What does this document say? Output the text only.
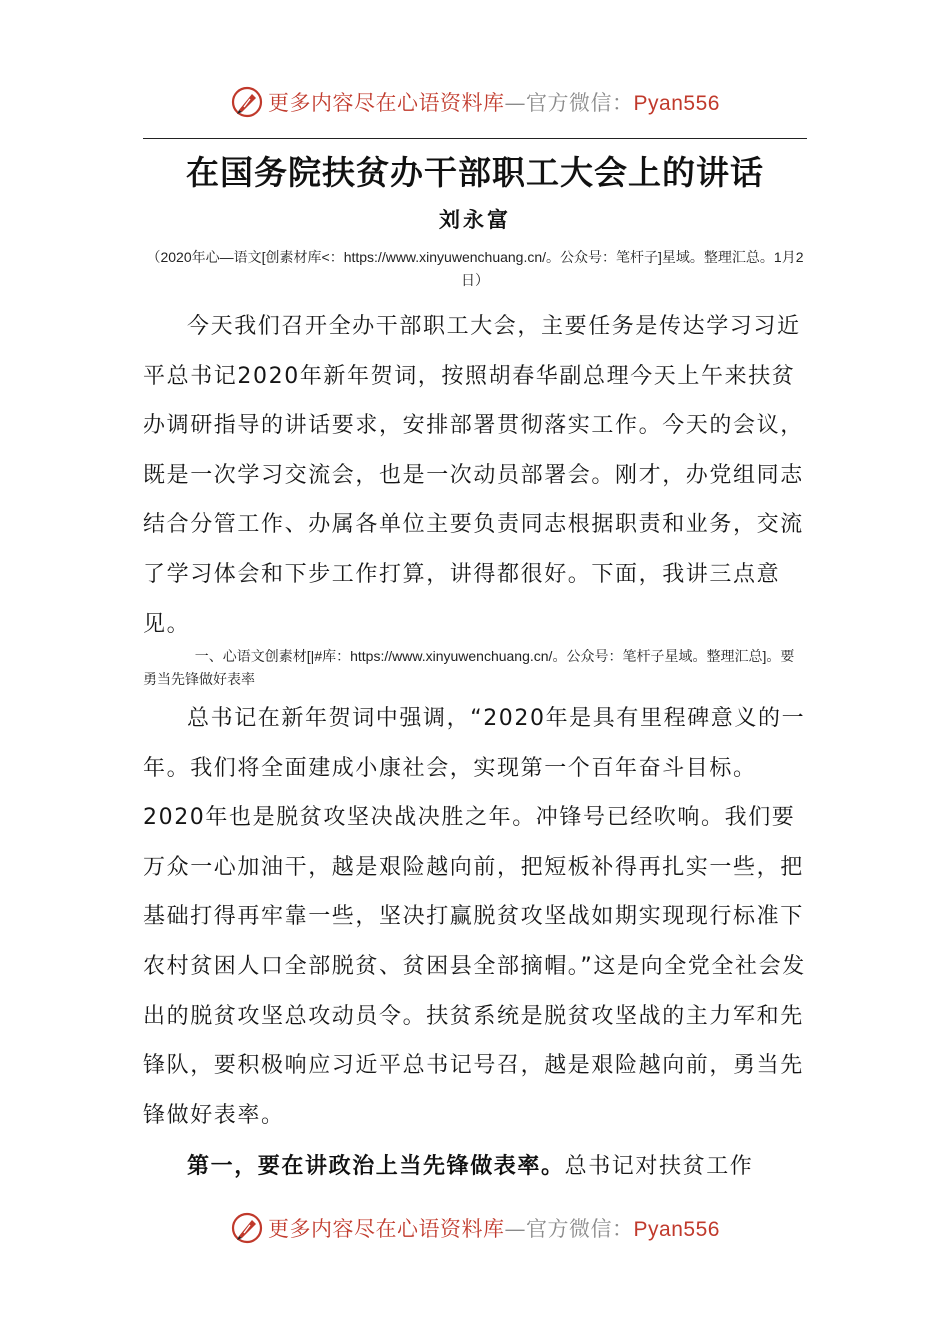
更多内容尽在心语资料库—官方微信：Pyan556
在国务院扶贫办干部职工大会上的讲话
刘永富
（2020年心—语文[创素材库<：https://www.xinyuwenchuang.cn/。公众号：笔杆子]星域。整理汇总。1月2日）

今天我们召开全办干部职工大会，主要任务是传达学习习近平总书记2020年新年贺词，按照胡春华副总理今天上午来扶贫办调研指导的讲话要求，安排部署贯彻落实工作。今天的会议，既是一次学习交流会，也是一次动员部署会。刚才，办党组同志结合分管工作、办属各单位主要负责同志根据职责和业务，交流了学习体会和下步工作打算，讲得都很好。下面，我讲三点意见。

一、心语文创素材[|#库：https://www.xinyuwenchuang.cn/。公众号：笔杆子星域。整理汇总]。要勇当先锋做好表率

总书记在新年贺词中强调，“2020年是具有里程碑意义的一年。我们将全面建成小康社会，实现第一个百年奋斗目标。2020年也是脱贫攻坚决战决胜之年。冲锋号已经吹响。我们要万众一心加油干，越是艰险越向前，把短板补得再扎实一些，把基础打得再牢靠一些，坚决打赢脱贫攻坚战如期实现现行标准下农村贫困人口全部脱贫、贫困县全部摘帽。”这是向全党全社会发出的脱贫攻坚总攻动员令。扶贫系统是脱贫攻坚战的主力军和先锋队，要积极响应习近平总书记号召，越是艰险越向前，勇当先锋做好表率。

第一，要在讲政治上当先锋做表率。总书记对扶贫工作

更多内容尽在心语资料库—官方微信：Pyan556
